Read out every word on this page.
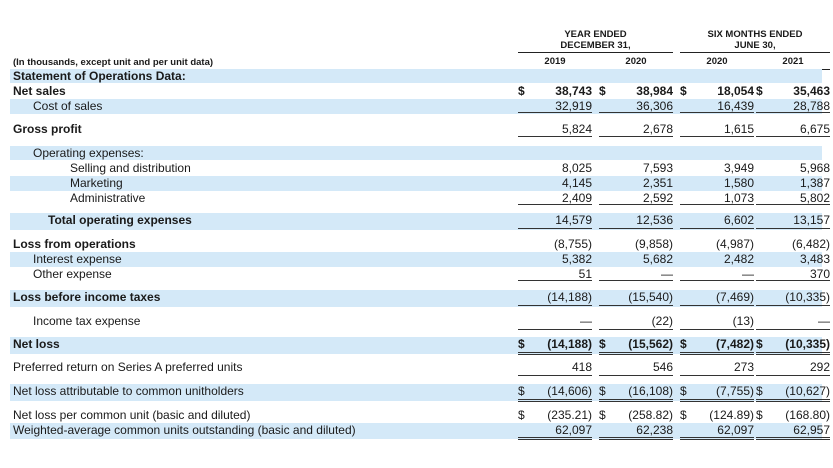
YEAR ENDED
DECEMBER 31,
SIX MONTHS ENDED
JUNE 30,
2019	2020	2020	2021
(In thousands, except unit and per unit data)
Statement of Operations Data:
Net sales	$	38,743 $	38,984 $	18,054 $	35,463
Cost of sales	32,919	36,306	16,439	28,788
Gross profit	5,824	2,678	1,615	6,675
Operating expenses:
Selling and distribution	8,025	7,593	3,949	5,968
Marketing	4,145	2,351	1,580	1,387
Administrative	2,409	2,592	1,073	5,802
Total operating expenses	14,579	12,536	6,602	13,157
Loss from operations	(8,755)	(9,858)	(4,987)	(6,482)
Interest expense	5,382	5,682	2,482	3,483
Other expense	51	—	—	370
Loss before income taxes	(14,188)	(15,540)	(7,469)	(10,335)
Income tax expense	—	(22)	(13)	—
Net loss	$ (14,188) $ (15,562) $ (7,482) $ (10,335)
Preferred return on Series A preferred units	418	546	273	292
Net loss attributable to common unitholders	$ (14,606) $ (16,108) $ (7,755) $ (10,627)
Net loss per common unit (basic and diluted)	$ (235.21) $ (258.82) $ (124.89) $ (168.80)
Weighted-average common units outstanding (basic and diluted)	62,097	62,238	62,097	62,957
